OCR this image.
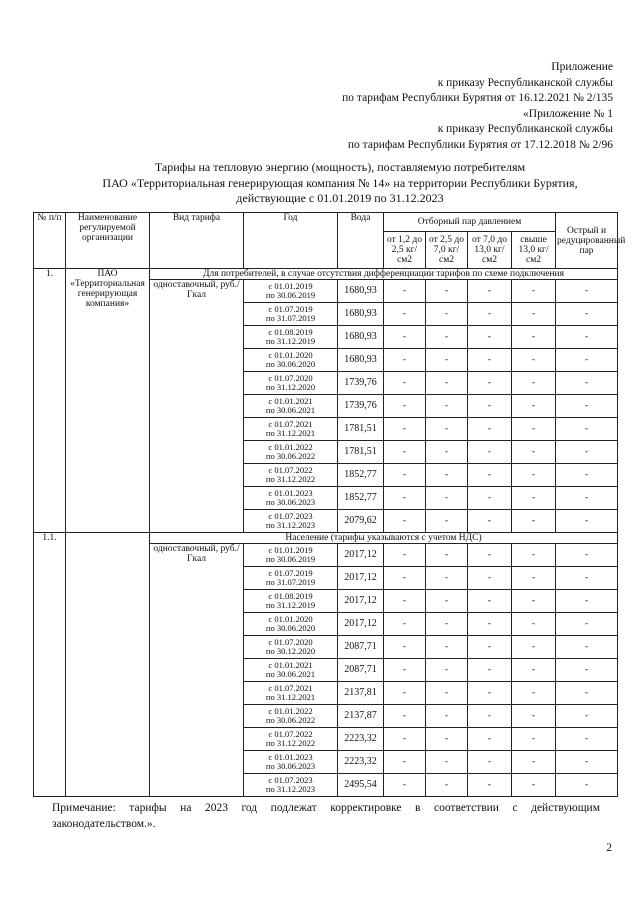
Приложение
к приказу Республиканской службы
по тарифам Республики Бурятия от 16.12.2021 № 2/135
«Приложение № 1
к приказу Республиканской службы
по тарифам Республики Бурятия от 17.12.2018 № 2/96
Тарифы на тепловую энергию (мощность), поставляемую потребителям
ПАО «Территориальная генерирующая компания № 14» на территории Республики Бурятия,
действующие с 01.01.2019 по 31.12.2023
№ п/п	Наименование регулируемой организации	Вид тарифа	Год	Вода	Отборный пар давлением				Острый и редуцированный пар
					от 1,2 до 2,5 кг/см2	от 2,5 до 7,0 кг/см2	от 7,0 до 13,0 кг/см2	свыше 13,0 кг/см2	
1.	ПАО «Территориальная генерирующая компания»	Для потребителей, в случае отсутствия дифференциации тарифов по схеме подключения							
		одноставочный, руб./Гкал	с 01.01.2019
по 30.06.2019	1680,93	-	-	-	-	-

			с 01.07.2019
по 31.07.2019	1680,93	-	-	-	-	-

			с 01.08.2019
по 31.12.2019	1680,93	-	-	-	-	-

			с 01.01.2020
по 30.06.2020	1680,93	-	-	-	-	-

			с 01.07.2020
по 31.12.2020	1739,76	-	-	-	-	-

			с 01.01.2021
по 30.06.2021	1739,76	-	-	-	-	-

			с 01.07.2021
по 31.12.2021	1781,51	-	-	-	-	-

			с 01.01.2022
по 30.06.2022	1781,51	-	-	-	-	-

			с 01.07.2022
по 31.12.2022	1852,77	-	-	-	-	-

			с 01.01.2023
по 30.06.2023	1852,77	-	-	-	-	-

			с 01.07.2023
по 31.12.2023	2079,62	-	-	-	-	-
1.1.		Население (тарифы указываются с учетом НДС)							
		одноставочный, руб./Гкал	с 01.01.2019
по 30.06.2019	2017,12	-	-	-	-	-

			с 01.07.2019
по 31.07.2019	2017,12	-	-	-	-	-

			с 01.08.2019
по 31.12.2019	2017,12	-	-	-	-	-

			с 01.01.2020
по 30.06.2020	2017,12	-	-	-	-	-

			с 01.07.2020
по 30.12.2020	2087,71	-	-	-	-	-

			с 01.01.2021
по 30.06.2021	2087,71	-	-	-	-	-

			с 01.07.2021
по 31.12.2021	2137,81	-	-	-	-	-

			с 01.01.2022
по 30.06.2022	2137,87	-	-	-	-	-

			с 01.07.2022
по 31.12.2022	2223,32	-	-	-	-	-

			с 01.01.2023
по 30.06.2023	2223,32	-	-	-	-	-

			с 01.07.2023
по 31.12.2023	2495,54	-	-	-	-	-
Примечание: тарифы на 2023 год подлежат корректировке в соответствии с действующим законодательством.».
2
